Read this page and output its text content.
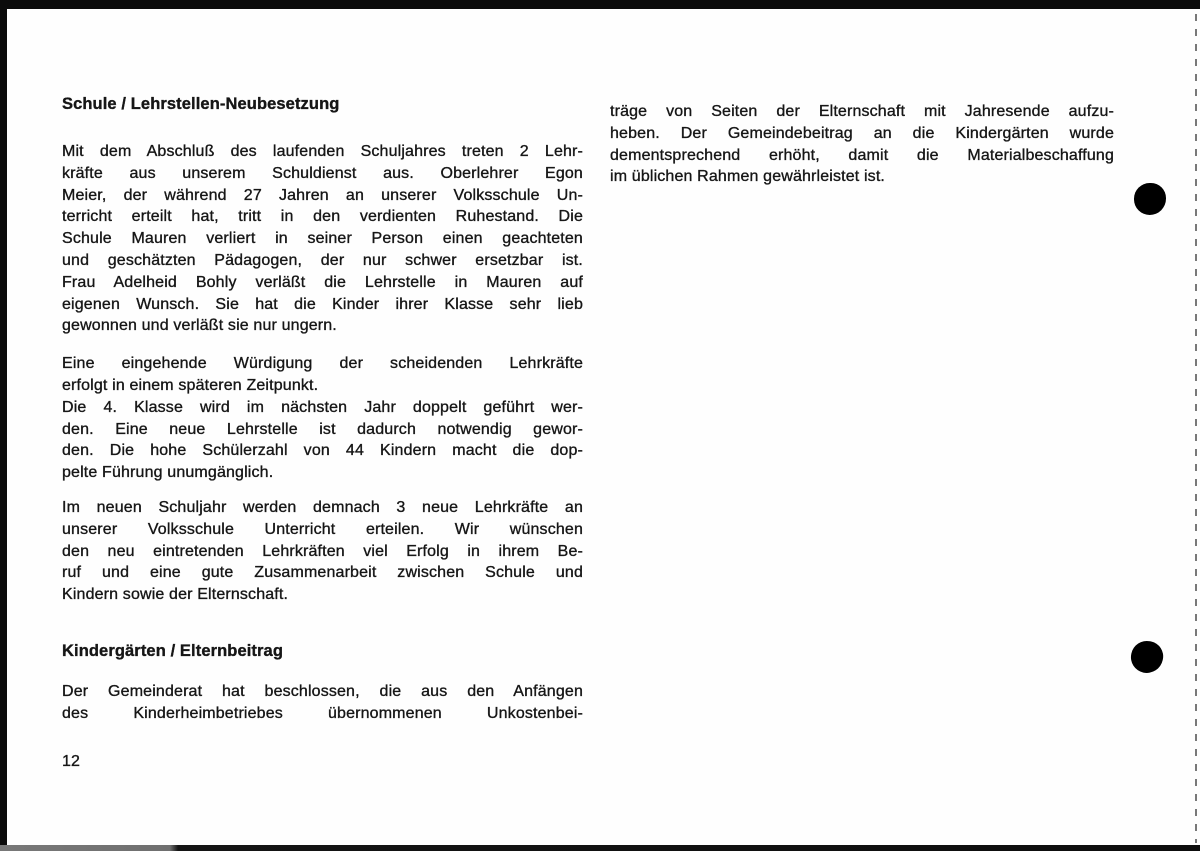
Schule / Lehrstellen-Neubesetzung
Mit dem Abschluß des laufenden Schuljahres treten 2 Lehr-
kräfte aus unserem Schuldienst aus. Oberlehrer Egon
Meier, der während 27 Jahren an unserer Volksschule Un-
terricht erteilt hat, tritt in den verdienten Ruhestand. Die
Schule Mauren verliert in seiner Person einen geachteten
und geschätzten Pädagogen, der nur schwer ersetzbar ist.
Frau Adelheid Bohly verläßt die Lehrstelle in Mauren auf
eigenen Wunsch. Sie hat die Kinder ihrer Klasse sehr lieb
gewonnen und verläßt sie nur ungern.
Eine eingehende Würdigung der scheidenden Lehrkräfte
erfolgt in einem späteren Zeitpunkt.
Die 4. Klasse wird im nächsten Jahr doppelt geführt wer-
den. Eine neue Lehrstelle ist dadurch notwendig gewor-
den. Die hohe Schülerzahl von 44 Kindern macht die dop-
pelte Führung unumgänglich.
Im neuen Schuljahr werden demnach 3 neue Lehrkräfte an
unserer Volksschule Unterricht erteilen. Wir wünschen
den neu eintretenden Lehrkräften viel Erfolg in ihrem Be-
ruf und eine gute Zusammenarbeit zwischen Schule und
Kindern sowie der Elternschaft.
Kindergärten / Elternbeitrag
Der Gemeinderat hat beschlossen, die aus den Anfängen
des Kinderheimbetriebes übernommenen Unkostenbei-
12
träge von Seiten der Elternschaft mit Jahresende aufzu-
heben. Der Gemeindebeitrag an die Kindergärten wurde
dementsprechend erhöht, damit die Materialbeschaffung
im üblichen Rahmen gewährleistet ist.
